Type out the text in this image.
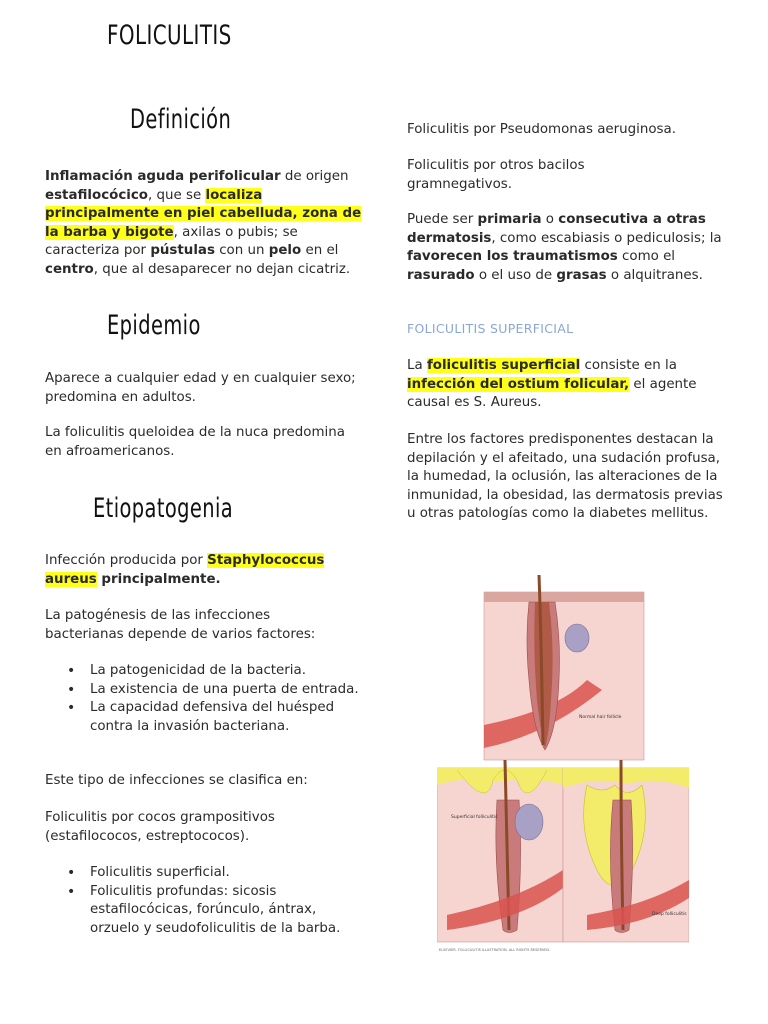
FOLICULITIS
Definición

Inflamación aguda perifolicular de origen estafilocócico, que se localiza principalmente en piel cabelluda, zona de la barba y bigote, axilas o pubis; se caracteriza por pústulas con un pelo en el centro, que al desaparecer no dejan cicatriz.

Epidemio

Aparece a cualquier edad y en cualquier sexo; predomina en adultos.

La foliculitis queloidea de la nuca predomina en afroamericanos.

Etiopatogenia

Infección producida por Staphylococcus aureus principalmente.

La patogénesis de las infecciones bacterianas depende de varios factores:

• La patogenicidad de la bacteria.
• La existencia de una puerta de entrada.
• La capacidad defensiva del huésped contra la invasión bacteriana.

Este tipo de infecciones se clasifica en:

Foliculitis por cocos grampositivos (estafilococos, estreptococos).

• Foliculitis superficial.
• Foliculitis profundas: sicosis estafilocócicas, forúnculo, ántrax, orzuelo y seudofoliculitis de la barba.

Foliculitis por Pseudomonas aeruginosa.

Foliculitis por otros bacilos gramnegativos.

Puede ser primaria o consecutiva a otras dermatosis, como escabiasis o pediculosis; la favorecen los traumatismos como el rasurado o el uso de grasas o alquitranes.

FOLICULITIS SUPERFICIAL

La foliculitis superficial consiste en la infección del ostium folicular, el agente causal es S. Aureus.

Entre los factores predisponentes destacan la depilación y el afeitado, una sudación profusa, la humedad, la oclusión, las alteraciones de la inmunidad, la obesidad, las dermatosis previas u otras patologías como la diabetes mellitus.

Normal hair follicle
Superficial folliculitis
Deep folliculitis
ELSEVIER. FOLLICULITIS ILLUSTRATION. ALL RIGHTS RESERVED.
